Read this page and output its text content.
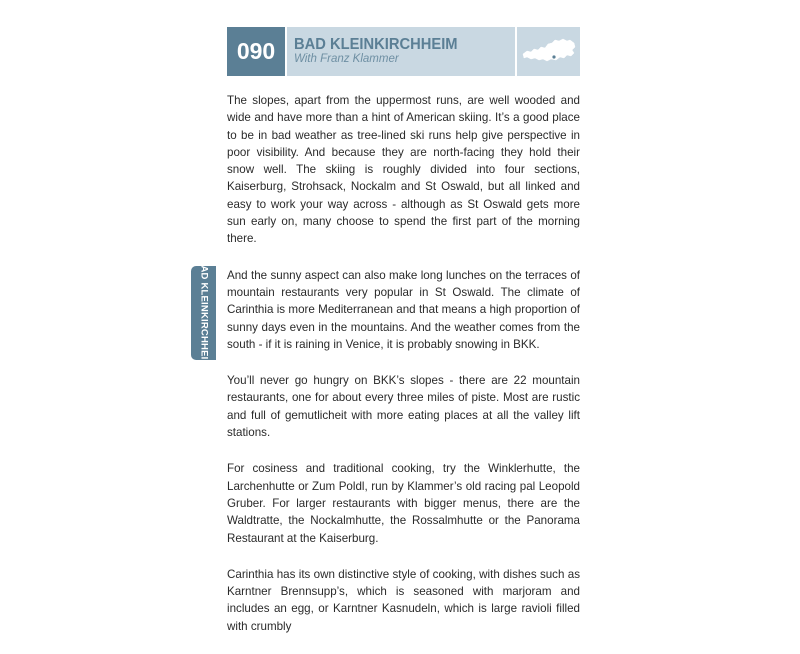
090 BAD KLEINKIRCHHEIM
With Franz Klammer
BAD KLEINKIRCHHEIM

The slopes, apart from the uppermost runs, are well wooded and wide and have more than a hint of American skiing. It’s a good place to be in bad weather as tree-lined ski runs help give perspective in poor visibility. And because they are north-facing they hold their snow well. The skiing is roughly divided into four sections, Kaiserburg, Strohsack, Nockalm and St Oswald, but all linked and easy to work your way across - although as St Oswald gets more sun early on, many choose to spend the first part of the morning there.

And the sunny aspect can also make long lunches on the terraces of mountain restaurants very popular in St Oswald. The climate of Carinthia is more Mediterranean and that means a high proportion of sunny days even in the mountains. And the weather comes from the south - if it is raining in Venice, it is probably snowing in BKK.

You’ll never go hungry on BKK’s slopes - there are 22 mountain restaurants, one for about every three miles of piste. Most are rustic and full of gemutlicheit with more eating places at all the valley lift stations.

For cosiness and traditional cooking, try the Winklerhutte, the Larchenhutte or Zum Poldl, run by Klammer’s old racing pal Leopold Gruber. For larger restaurants with bigger menus, there are the Waldtratte, the Nockalmhutte, the Rossalmhutte or the Panorama Restaurant at the Kaiserburg.

Carinthia has its own distinctive style of cooking, with dishes such as Karntner Brennsupp’s, which is seasoned with marjoram and includes an egg, or Karntner Kasnudeln, which is large ravioli filled with crumbly
